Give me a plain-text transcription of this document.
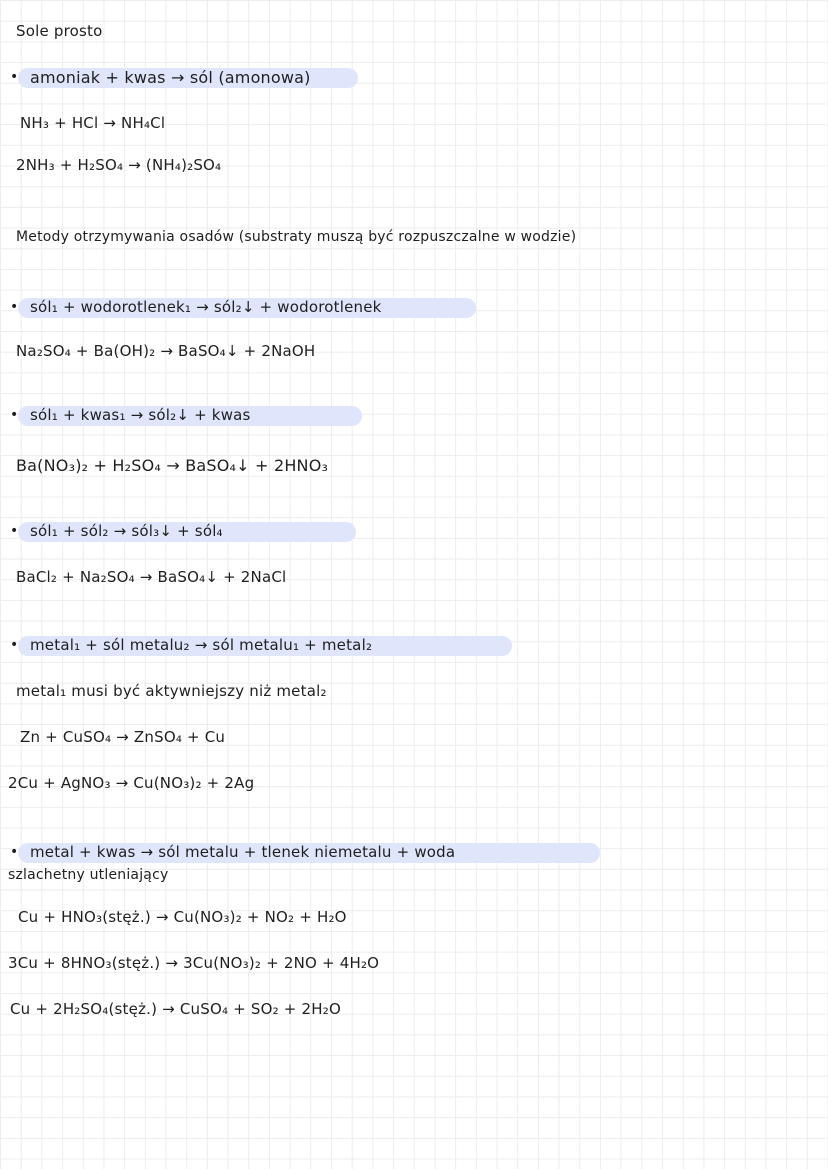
Sole prosto
• amoniak + kwas → sól (amonowa)
NH₃ + HCl → NH₄Cl
2NH₃ + H₂SO₄ → (NH₄)₂SO₄
Metody otrzymywania osadów (substraty muszą być rozpuszczalne w wodzie)
• sól₁ + wodorotlenek₁ → sól₂↓ + wodorotlenek
Na₂SO₄ + Ba(OH)₂ → BaSO₄↓ + 2NaOH
• sól₁ + kwas₁ → sól₂↓ + kwas
Ba(NO₃)₂ + H₂SO₄ → BaSO₄↓ + 2HNO₃
• sól₁ + sól₂ → sól₃↓ + sól₄
BaCl₂ + Na₂SO₄ → BaSO₄↓ + 2NaCl
• metal₁ + sól metalu₂ → sól metalu₁ + metal₂
metal₁ musi być aktywniejszy niż metal₂
Zn + CuSO₄ → ZnSO₄ + Cu
2Cu + AgNO₃ → Cu(NO₃)₂ + 2Ag
• metal + kwas → sól metalu + tlenek niemetalu + woda
szlachetny utleniający
Cu + HNO₃(stęż.) → Cu(NO₃)₂ + NO₂ + H₂O
3Cu + 8HNO₃(stęż.) → 3Cu(NO₃)₂ + 2NO + 4H₂O
Cu + 2H₂SO₄(stęż.) → CuSO₄ + SO₂ + 2H₂O
